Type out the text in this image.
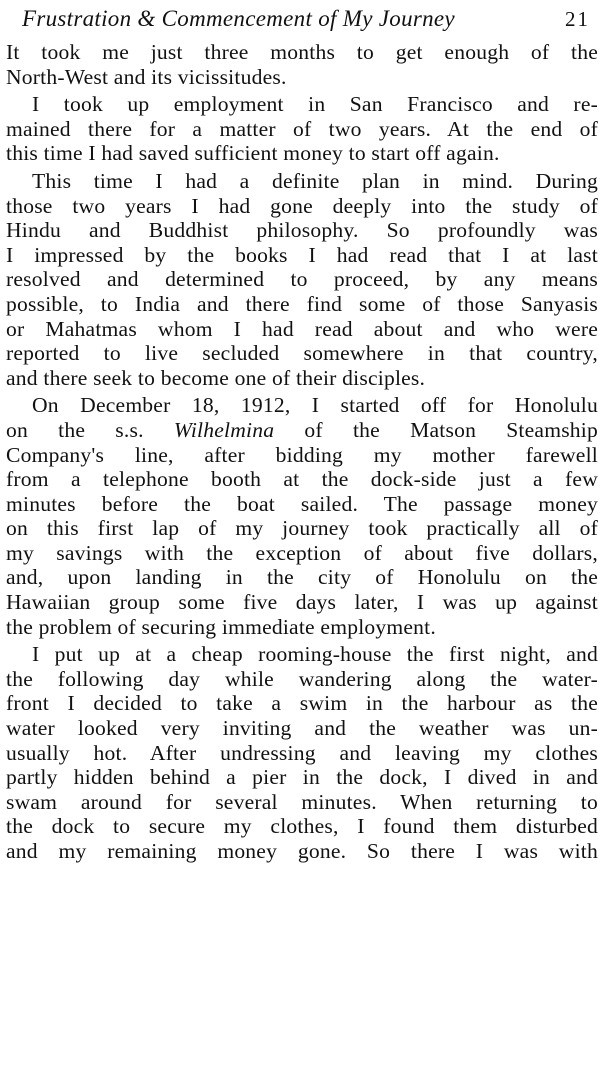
Frustration & Commencement of My Journey	21
It took me just three months to get enough of the
North-West and its vicissitudes.
I took up employment in San Francisco and re-
mained there for a matter of two years. At the end of
this time I had saved sufficient money to start off again.
This time I had a definite plan in mind. During
those two years I had gone deeply into the study of
Hindu and Buddhist philosophy. So profoundly was
I impressed by the books I had read that I at last
resolved and determined to proceed, by any means
possible, to India and there find some of those Sanyasis
or Mahatmas whom I had read about and who were
reported to live secluded somewhere in that country,
and there seek to become one of their disciples.
On December 18, 1912, I started off for Honolulu
on the s.s. Wilhelmina of the Matson Steamship
Company's line, after bidding my mother farewell
from a telephone booth at the dock-side just a few
minutes before the boat sailed. The passage money
on this first lap of my journey took practically all of
my savings with the exception of about five dollars,
and, upon landing in the city of Honolulu on the
Hawaiian group some five days later, I was up against
the problem of securing immediate employment.
I put up at a cheap rooming-house the first night, and
the following day while wandering along the water-
front I decided to take a swim in the harbour as the
water looked very inviting and the weather was un-
usually hot. After undressing and leaving my clothes
partly hidden behind a pier in the dock, I dived in and
swam around for several minutes. When returning to
the dock to secure my clothes, I found them disturbed
and my remaining money gone. So there I was with
